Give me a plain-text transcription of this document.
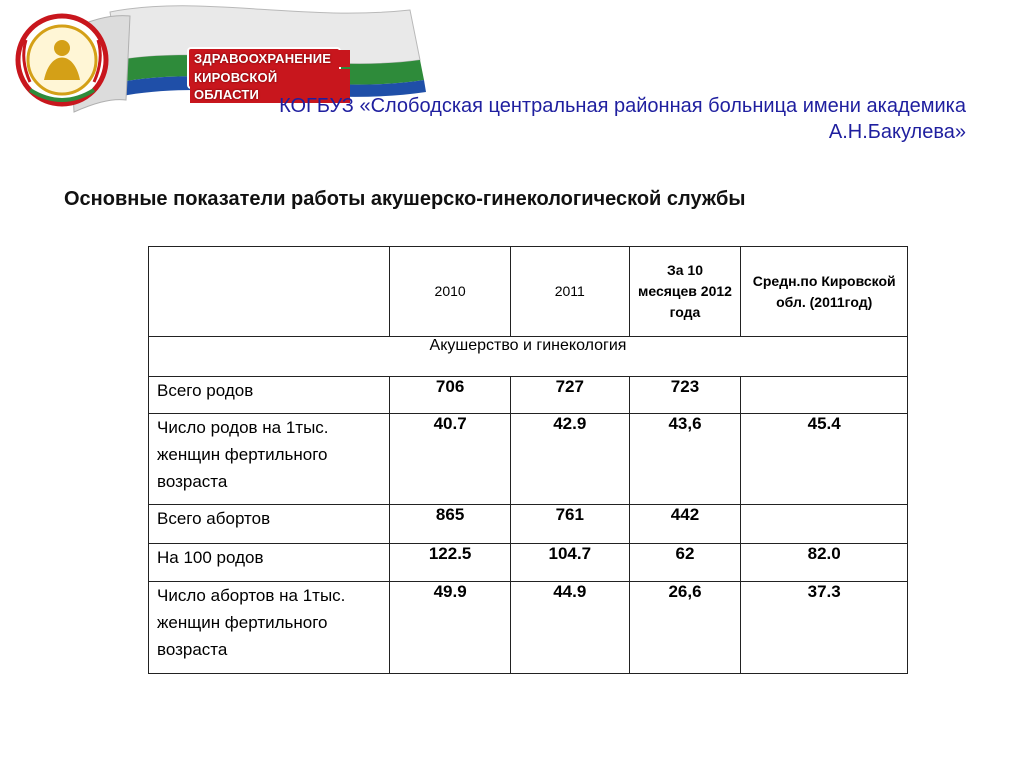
ЗДРАВООХРАНЕНИЕ
КИРОВСКОЙ ОБЛАСТИ
КОГБУЗ «Слободская центральная районная больница имени академика А.Н.Бакулева»
Основные показатели работы акушерско-гинекологической службы
	2010	2011	За 10 месяцев 2012 года	Средн.по Кировской обл. (2011год)
Акушерство и гинекология				
Всего родов	706	727	723	
Число родов на 1тыс. женщин фертильного возраста	40.7	42.9	43,6	45.4
Всего абортов	865	761	442	
На 100 родов	122.5	104.7	62	82.0
Число абортов на 1тыс. женщин фертильного возраста	49.9	44.9	26,6	37.3
